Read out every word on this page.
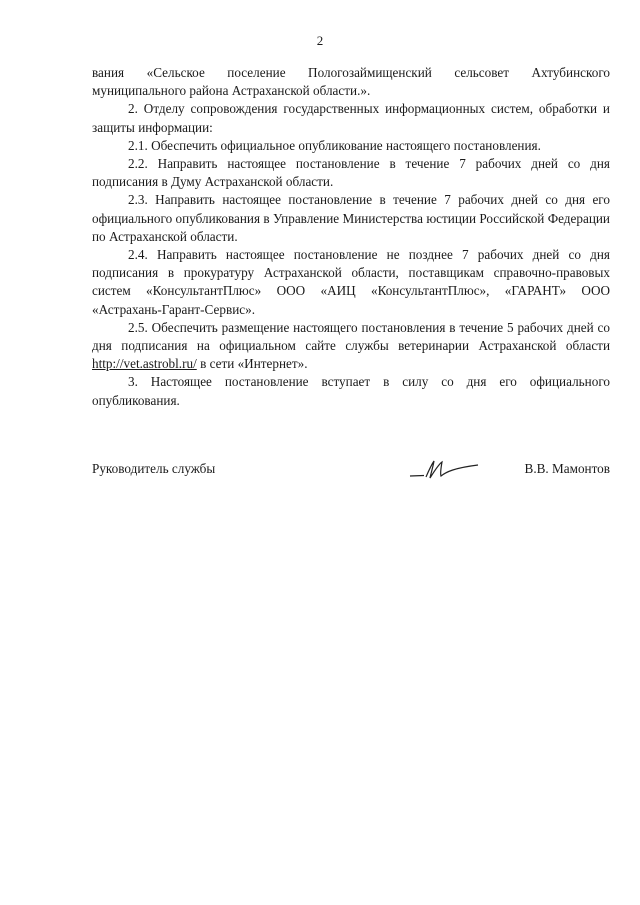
2

вания «Сельское поселение Пологозаймищенский сельсовет Ахтубинского муниципального района Астраханской области.».

2. Отделу сопровождения государственных информационных систем, обработки и защиты информации:

2.1. Обеспечить официальное опубликование настоящего постановления.

2.2. Направить настоящее постановление в течение 7 рабочих дней со дня подписания в Думу Астраханской области.

2.3. Направить настоящее постановление в течение 7 рабочих дней со дня его официального опубликования в Управление Министерства юстиции Российской Федерации по Астраханской области.

2.4. Направить настоящее постановление не позднее 7 рабочих дней со дня подписания в прокуратуру Астраханской области, поставщикам справочно-правовых систем «КонсультантПлюс» ООО «АИЦ «КонсультантПлюс», «ГАРАНТ» ООО «Астрахань-Гарант-Сервис».

2.5. Обеспечить размещение настоящего постановления в течение 5 рабочих дней со дня подписания на официальном сайте службы ветеринарии Астраханской области http://vet.astrobl.ru/ в сети «Интернет».

3. Настоящее постановление вступает в силу со дня его официального опубликования.

Руководитель службы	В.В. Мамонтов
